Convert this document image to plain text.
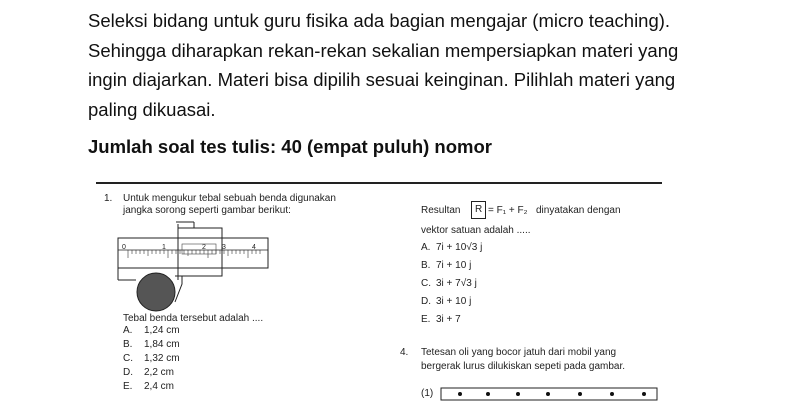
Seleksi bidang untuk guru fisika ada bagian mengajar (micro teaching).
Sehingga diharapkan rekan-rekan sekalian mempersiapkan materi yang
ingin diajarkan. Materi bisa dipilih sesuai keinginan. Pilihlah materi yang
paling dikuasai.
Jumlah soal tes tulis: 40 (empat puluh) nomor
1. Untuk mengukur tebal sebuah benda digunakan
jangka sorong seperti gambar berikut:
0	1	2 3	4
Tebal benda tersebut adalah ....
A. 1,24 cm
B. 1,84 cm
C. 1,32 cm
D. 2,2 cm
E. 2,4 cm
Resultan	R = F₁ + F₂ dinyatakan dengan
vektor satuan adalah .....
A. 7i + 10√3 j
B. 7i + 10 j
C. 3i + 7√3 j
D. 3i + 10 j
E. 3i + 7
4. Tetesan oli yang bocor jatuh dari mobil yang
bergerak lurus dilukiskan sepeti pada gambar.
(1)
